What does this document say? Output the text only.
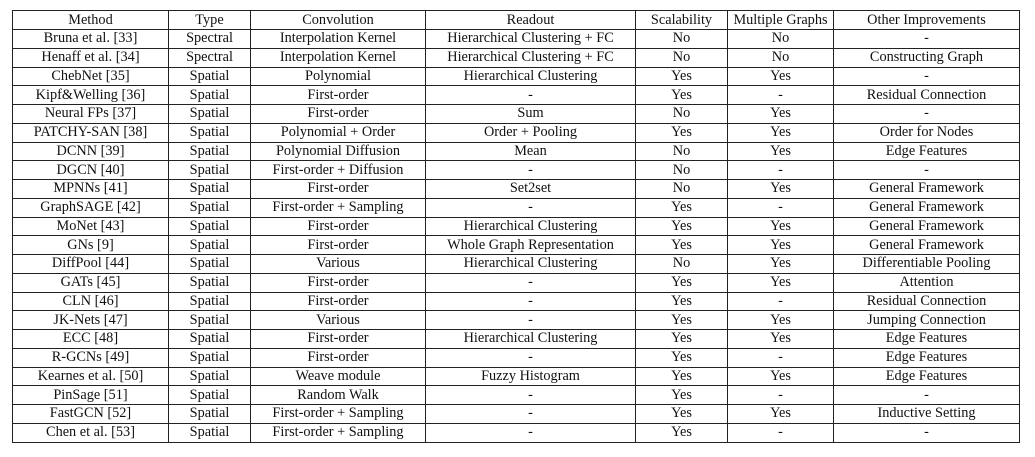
Method	Type	Convolution	Readout	Scalability	Multiple Graphs	Other Improvements
Bruna et al. [33]	Spectral	Interpolation Kernel	Hierarchical Clustering + FC	No	No	-
Henaff et al. [34]	Spectral	Interpolation Kernel	Hierarchical Clustering + FC	No	No	Constructing Graph
ChebNet [35]	Spatial	Polynomial	Hierarchical Clustering	Yes	Yes	-
Kipf&Welling [36]	Spatial	First-order	-	Yes	-	Residual Connection
Neural FPs [37]	Spatial	First-order	Sum	No	Yes	-
PATCHY-SAN [38]	Spatial	Polynomial + Order	Order + Pooling	Yes	Yes	Order for Nodes
DCNN [39]	Spatial	Polynomial Diffusion	Mean	No	Yes	Edge Features
DGCN [40]	Spatial	First-order + Diffusion	-	No	-	-
MPNNs [41]	Spatial	First-order	Set2set	No	Yes	General Framework
GraphSAGE [42]	Spatial	First-order + Sampling	-	Yes	-	General Framework
MoNet [43]	Spatial	First-order	Hierarchical Clustering	Yes	Yes	General Framework
GNs [9]	Spatial	First-order	Whole Graph Representation	Yes	Yes	General Framework
DiffPool [44]	Spatial	Various	Hierarchical Clustering	No	Yes	Differentiable Pooling
GATs [45]	Spatial	First-order	-	Yes	Yes	Attention
CLN [46]	Spatial	First-order	-	Yes	-	Residual Connection
JK-Nets [47]	Spatial	Various	-	Yes	Yes	Jumping Connection
ECC [48]	Spatial	First-order	Hierarchical Clustering	Yes	Yes	Edge Features
R-GCNs [49]	Spatial	First-order	-	Yes	-	Edge Features
Kearnes et al. [50]	Spatial	Weave module	Fuzzy Histogram	Yes	Yes	Edge Features
PinSage [51]	Spatial	Random Walk	-	Yes	-	-
FastGCN [52]	Spatial	First-order + Sampling	-	Yes	Yes	Inductive Setting
Chen et al. [53]	Spatial	First-order + Sampling	-	Yes	-	-
